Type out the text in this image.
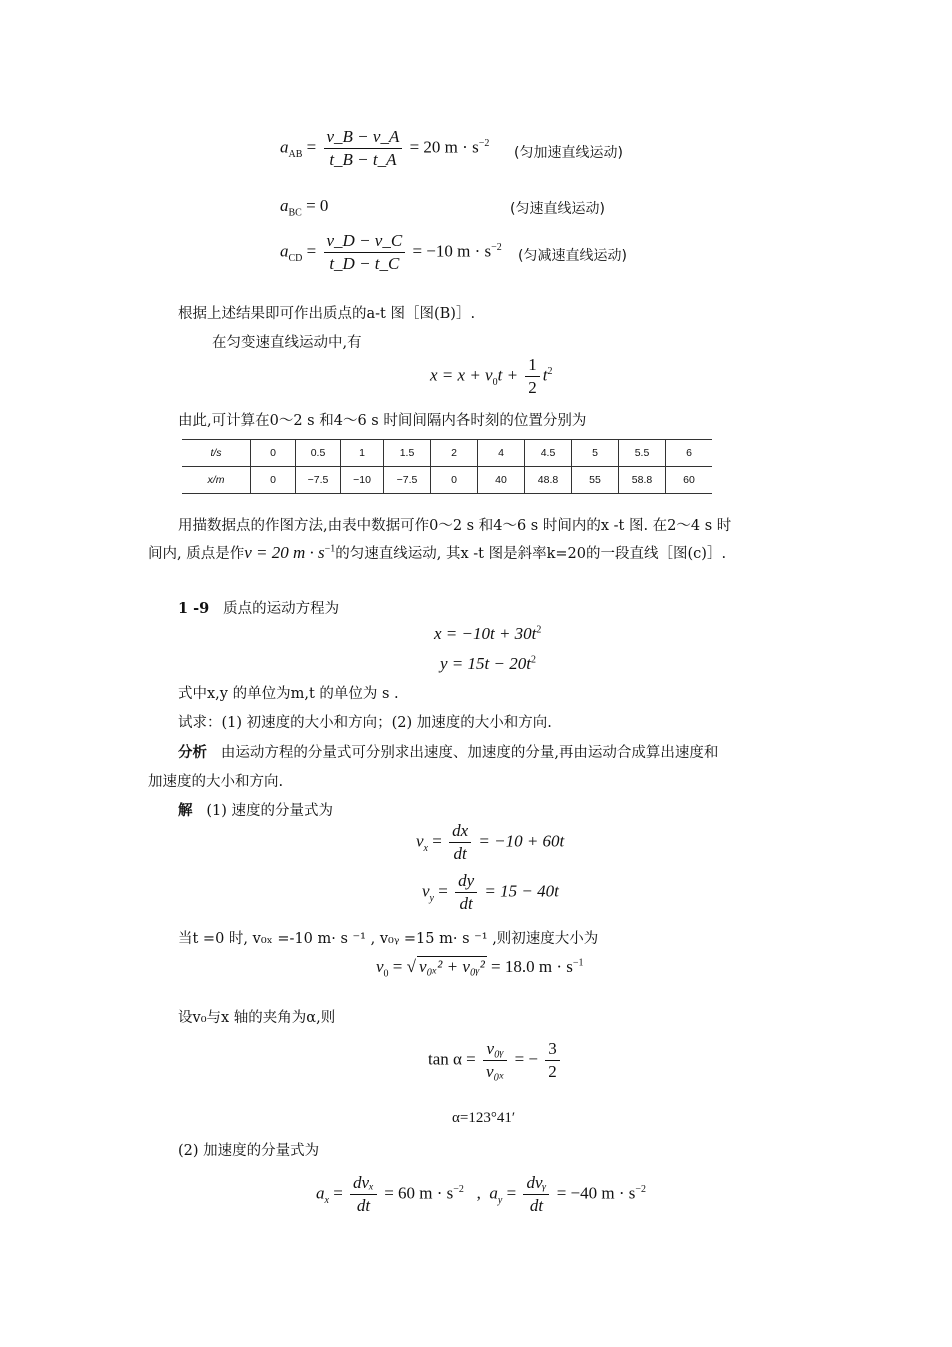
$a_{AB} = \frac{v\_B - v\_A}{t\_B - t\_A} = 20$ $m \cdot s^{-2}$
(匀加速直线运动)
$a_{BC} = 0$	(匀速直线运动)
$a_{CD} = \frac{v\_D - v\_C}{t\_D - t\_C} = -10$ $m \cdot s^{-2}$
(匀减速直线运动)
根据上述结果即可作出质点的a-t 图［图(B)］.
在匀变速直线运动中,有
$x = x + v_0t + \frac{1}{2} t^2$
由此,可计算在0～2 s 和4～6 s 时间间隔内各时刻的位置分别为
t/s	0	0.5	1	1.5	2	4	4.5	5	5.5	6
x/m	0	−7.5	−10	−7.5	0	40	48.8	55	58.8	60
用描数据点的作图方法,由表中数据可作0～2 s 和4～6 s 时间内的x -t 图. 在2～4 s 时
间内, 质点是作v = 20 $m \cdot s^{-1}$的匀速直线运动, 其x -t 图是斜率k=20的一段直线［图(c)］.
1 -9 质点的运动方程为
$x = -10t + 30t^2$
$y = 15t - 20t^2$
式中x,y 的单位为m,t 的单位为 s .
试求：(1) 初速度的大小和方向；(2) 加速度的大小和方向.
分析 由运动方程的分量式可分别求出速度、加速度的分量,再由运动合成算出速度和
加速度的大小和方向.
解 (1) 速度的分量式为
$v_x = \frac{dx}{dt} = -10 + 60t$
$v_y = \frac{dy}{dt} = 15 - 40t$
当t =0 时, v₀ₓ =-10 m· s ⁻¹ , v₀ᵧ =15 m· s ⁻¹ ,则初速度大小为
$v_0$ = √ v₀ₓ² + v₀ᵧ² = 18.0 $m \cdot s^{-1}$
设v₀与x 轴的夹角为α,则
$\tan \alpha = \frac{\text{v₀ᵧ}}{\text{v₀ₓ}}$ = − $\frac{3}{2}$
α=123°41′
(2) 加速度的分量式为
$a_x = \frac{\text{dvₓ}}{dt} = 60$ $m \cdot s^{-2}$ , $a_y = \frac{\text{dvᵧ}}{dt} = -40$ $m \cdot s^{-2}$
